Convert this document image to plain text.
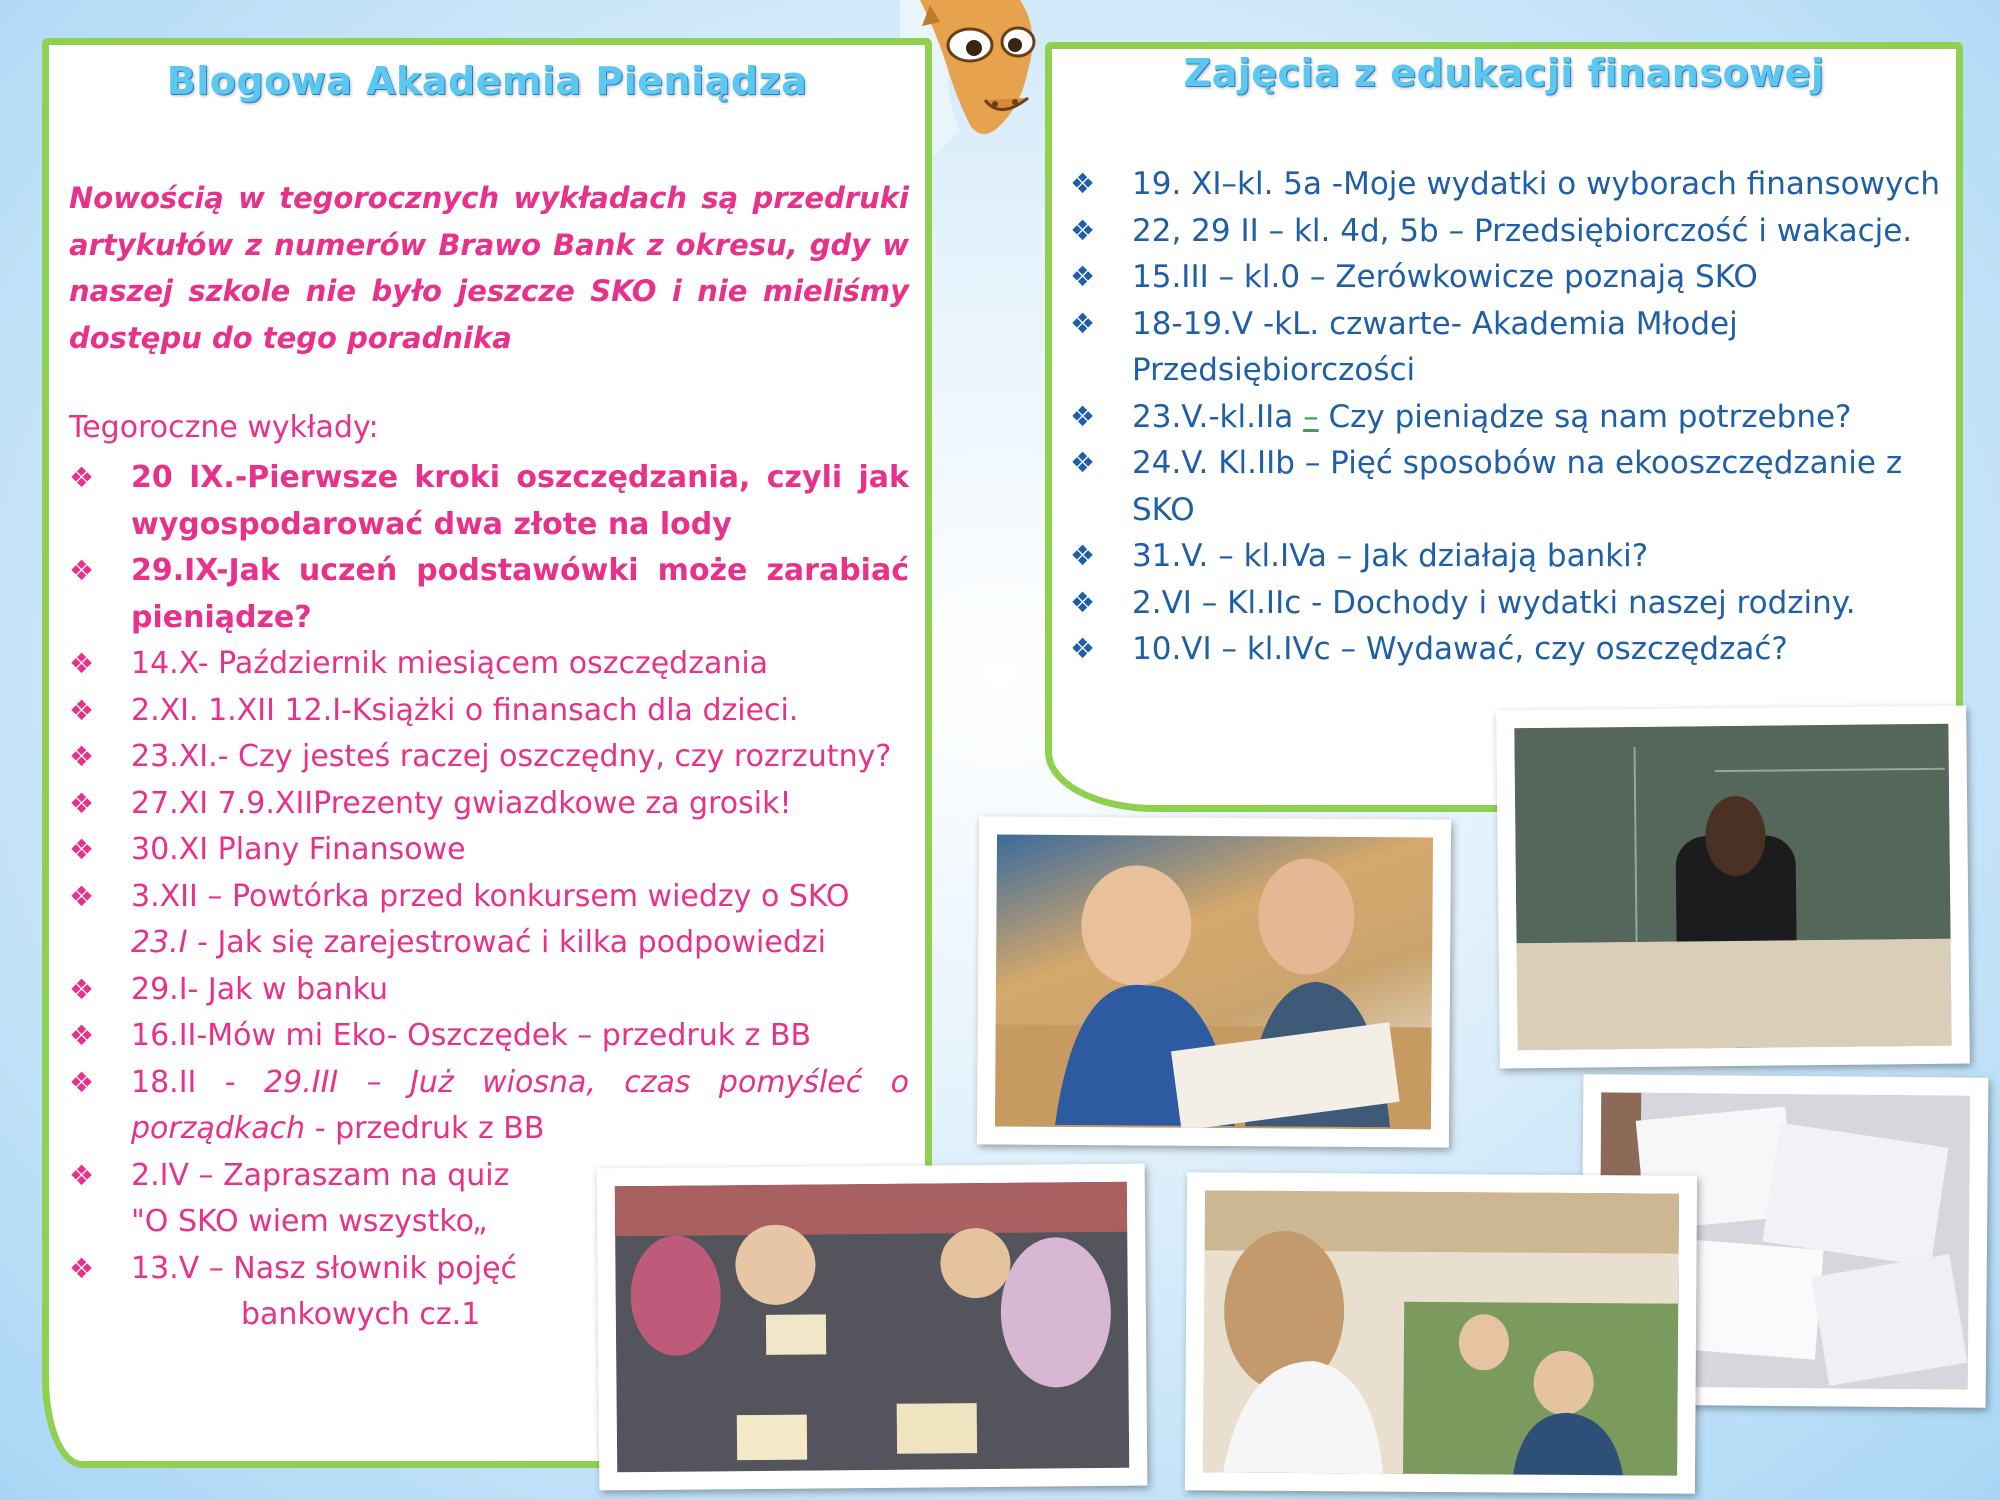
Blogowa Akademia Pieniądza

Nowością w tegorocznych wykładach są przedruki artykułów z numerów Brawo Bank z okresu, gdy w naszej szkole nie było jeszcze SKO i nie mieliśmy dostępu do tego poradnika

Tegoroczne wykłady:

❖ 20 IX.-Pierwsze kroki oszczędzania, czyli jak wygospodarować dwa złote na lody
❖ 29.IX-Jak uczeń podstawówki może zarabiać pieniądze?
❖ 14.X- Październik miesiącem oszczędzania
❖ 2.XI. 1.XII 12.I-Książki o finansach dla dzieci.
❖ 23.XI.- Czy jesteś raczej oszczędny, czy rozrzutny?
❖ 27.XI 7.9.XIIPrezenty gwiazdkowe za grosik!
❖ 30.XI Plany Finansowe
❖ 3.XII – Powtórka przed konkursem wiedzy o SKO
23.I - Jak się zarejestrować i kilka podpowiedzi
❖ 29.I- Jak w banku
❖ 16.II-Mów mi Eko- Oszczędek – przedruk z BB
❖ 18.II - 29.III – Już wiosna, czas pomyśleć o porządkach - przedruk z BB
❖ 2.IV – Zapraszam na quiz
"O SKO wiem wszystko„
❖ 13.V – Nasz słownik pojęć
bankowych cz.1
Zajęcia z edukacji finansowej
❖ 19. XI–kl. 5a -Moje wydatki o wyborach finansowych
❖ 22, 29 II – kl. 4d, 5b – Przedsiębiorczość i wakacje.
❖ 15.III – kl.0 – Zerówkowicze poznają SKO
❖ 18-19.V -kL. czwarte- Akademia Młodej Przedsiębiorczości
❖ 23.V.-kl.IIa – Czy pieniądze są nam potrzebne?
❖ 24.V. Kl.IIb – Pięć sposobów na ekooszczędzanie z SKO
❖ 31.V. – kl.IVa – Jak działają banki?
❖ 2.VI – Kl.IIc - Dochody i wydatki naszej rodziny.
❖ 10.VI – kl.IVc – Wydawać, czy oszczędzać?
